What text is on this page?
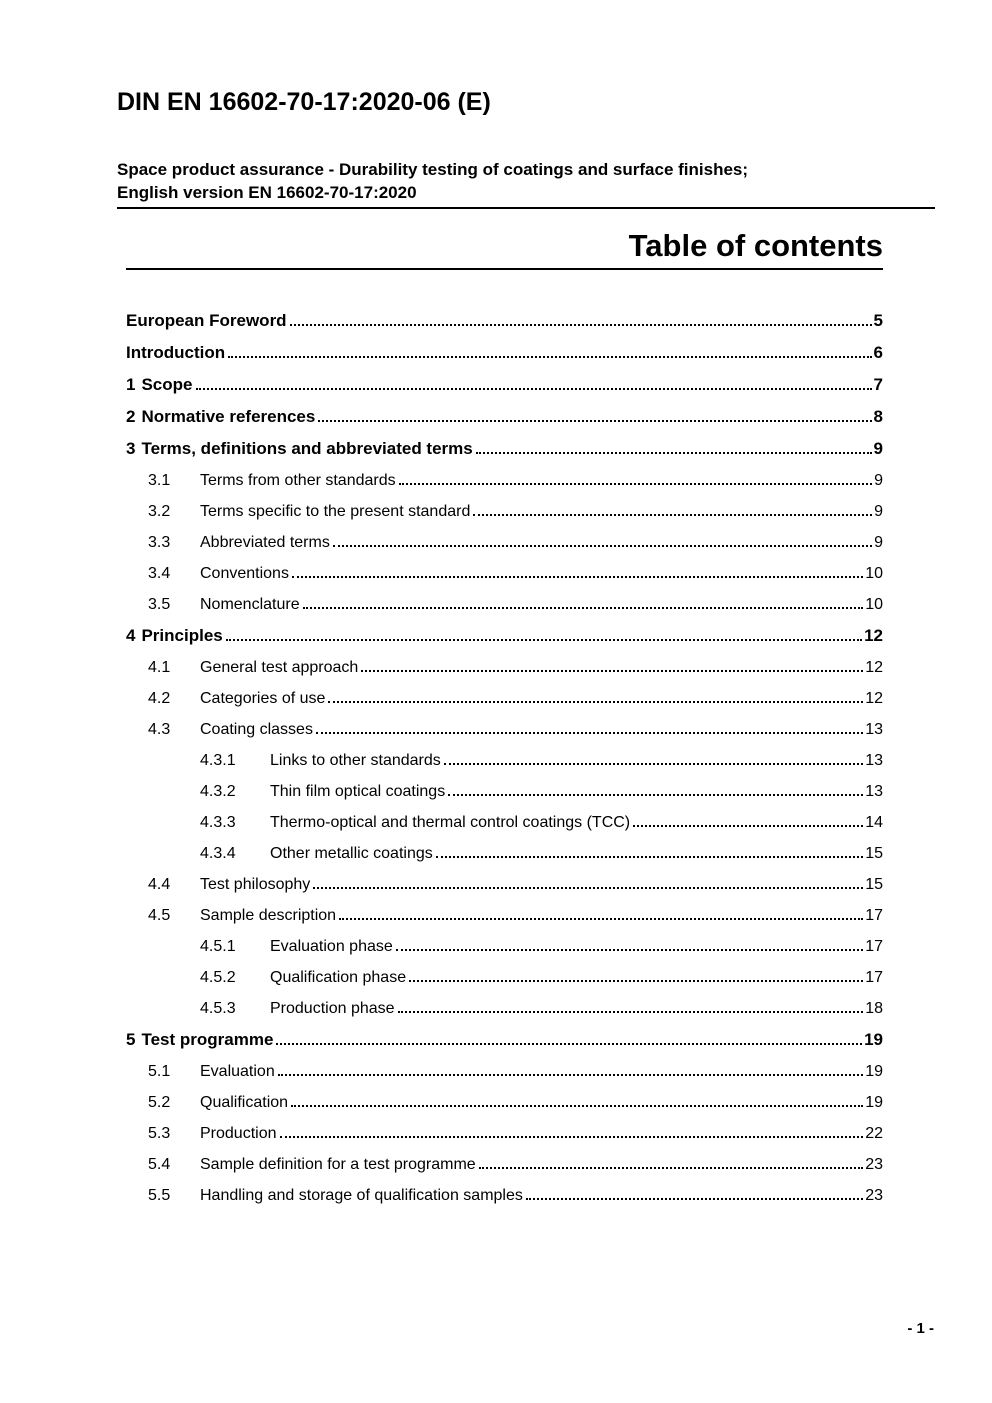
DIN EN 16602-70-17:2020-06 (E)
Space product assurance - Durability testing of coatings and surface finishes;
English version EN 16602-70-17:2020
Table of contents
European Foreword	5
Introduction	6
1 Scope	7
2 Normative references	8
3 Terms, definitions and abbreviated terms	9
3.1	Terms from other standards	9
3.2	Terms specific to the present standard	9
3.3	Abbreviated terms	9
3.4	Conventions	10
3.5	Nomenclature	10
4 Principles	12
4.1	General test approach	12
4.2	Categories of use	12
4.3	Coating classes	13
4.3.1	Links to other standards	13
4.3.2	Thin film optical coatings	13
4.3.3	Thermo-optical and thermal control coatings (TCC)	14
4.3.4	Other metallic coatings	15
4.4	Test philosophy	15
4.5	Sample description	17
4.5.1	Evaluation phase	17
4.5.2	Qualification phase	17
4.5.3	Production phase	18
5 Test programme	19
5.1	Evaluation	19
5.2	Qualification	19
5.3	Production	22
5.4	Sample definition for a test programme	23
5.5	Handling and storage of qualification samples	23
- 1 -
